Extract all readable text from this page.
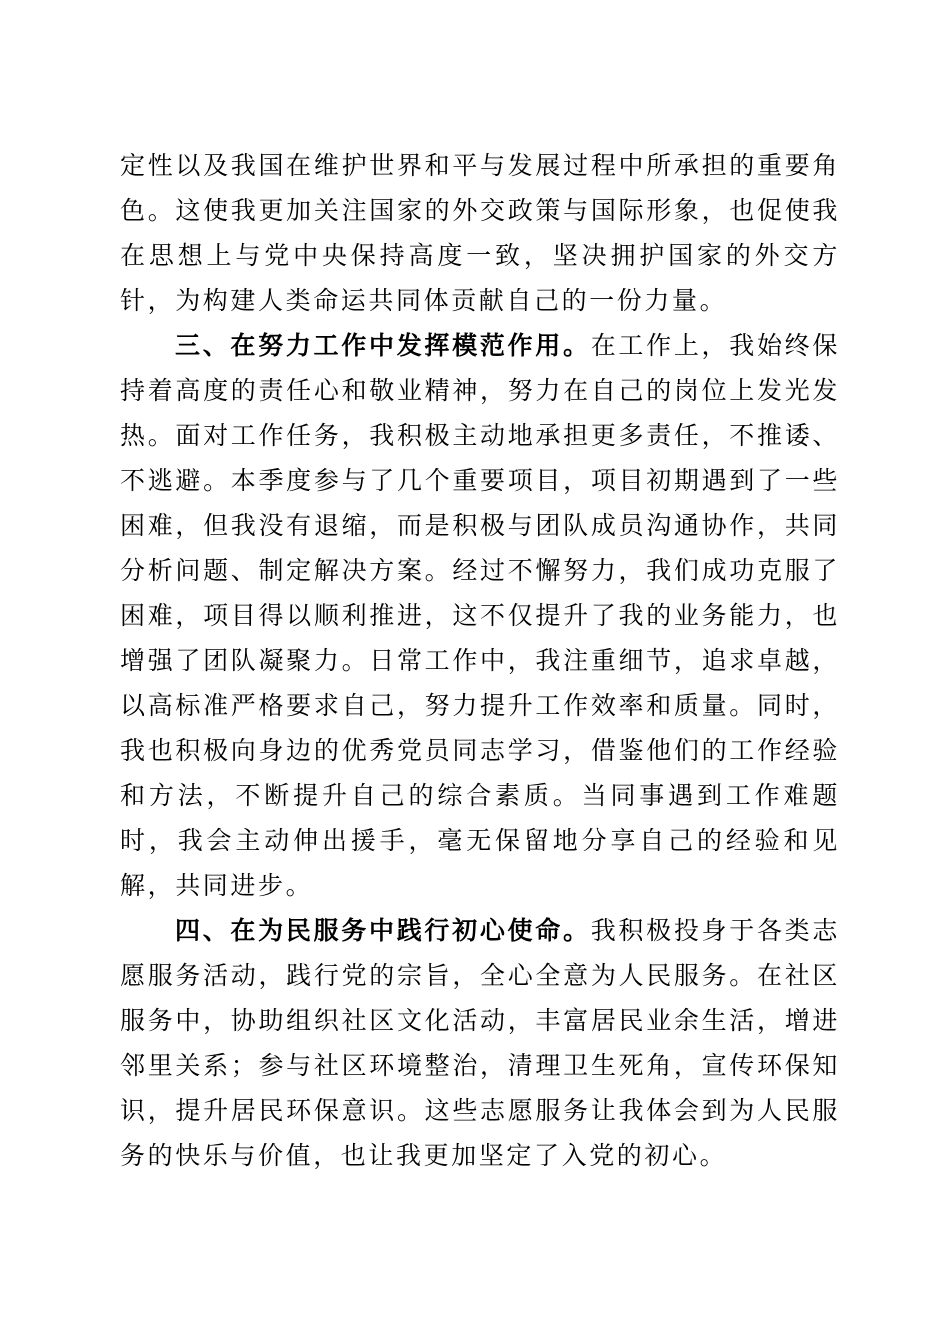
定性以及我国在维护世界和平与发展过程中所承担的重要角色。这使我更加关注国家的外交政策与国际形象，也促使我在思想上与党中央保持高度一致，坚决拥护国家的外交方针，为构建人类命运共同体贡献自己的一份力量。

三、在努力工作中发挥模范作用。在工作上，我始终保持着高度的责任心和敬业精神，努力在自己的岗位上发光发热。面对工作任务，我积极主动地承担更多责任，不推诿、不逃避。本季度参与了几个重要项目，项目初期遇到了一些困难，但我没有退缩，而是积极与团队成员沟通协作，共同分析问题、制定解决方案。经过不懈努力，我们成功克服了困难，项目得以顺利推进，这不仅提升了我的业务能力，也增强了团队凝聚力。日常工作中，我注重细节，追求卓越，以高标准严格要求自己，努力提升工作效率和质量。同时，我也积极向身边的优秀党员同志学习，借鉴他们的工作经验和方法，不断提升自己的综合素质。当同事遇到工作难题时，我会主动伸出援手，毫无保留地分享自己的经验和见解，共同进步。

四、在为民服务中践行初心使命。我积极投身于各类志愿服务活动，践行党的宗旨，全心全意为人民服务。在社区服务中，协助组织社区文化活动，丰富居民业余生活，增进邻里关系；参与社区环境整治，清理卫生死角，宣传环保知识，提升居民环保意识。这些志愿服务让我体会到为人民服务的快乐与价值，也让我更加坚定了入党的初心。
